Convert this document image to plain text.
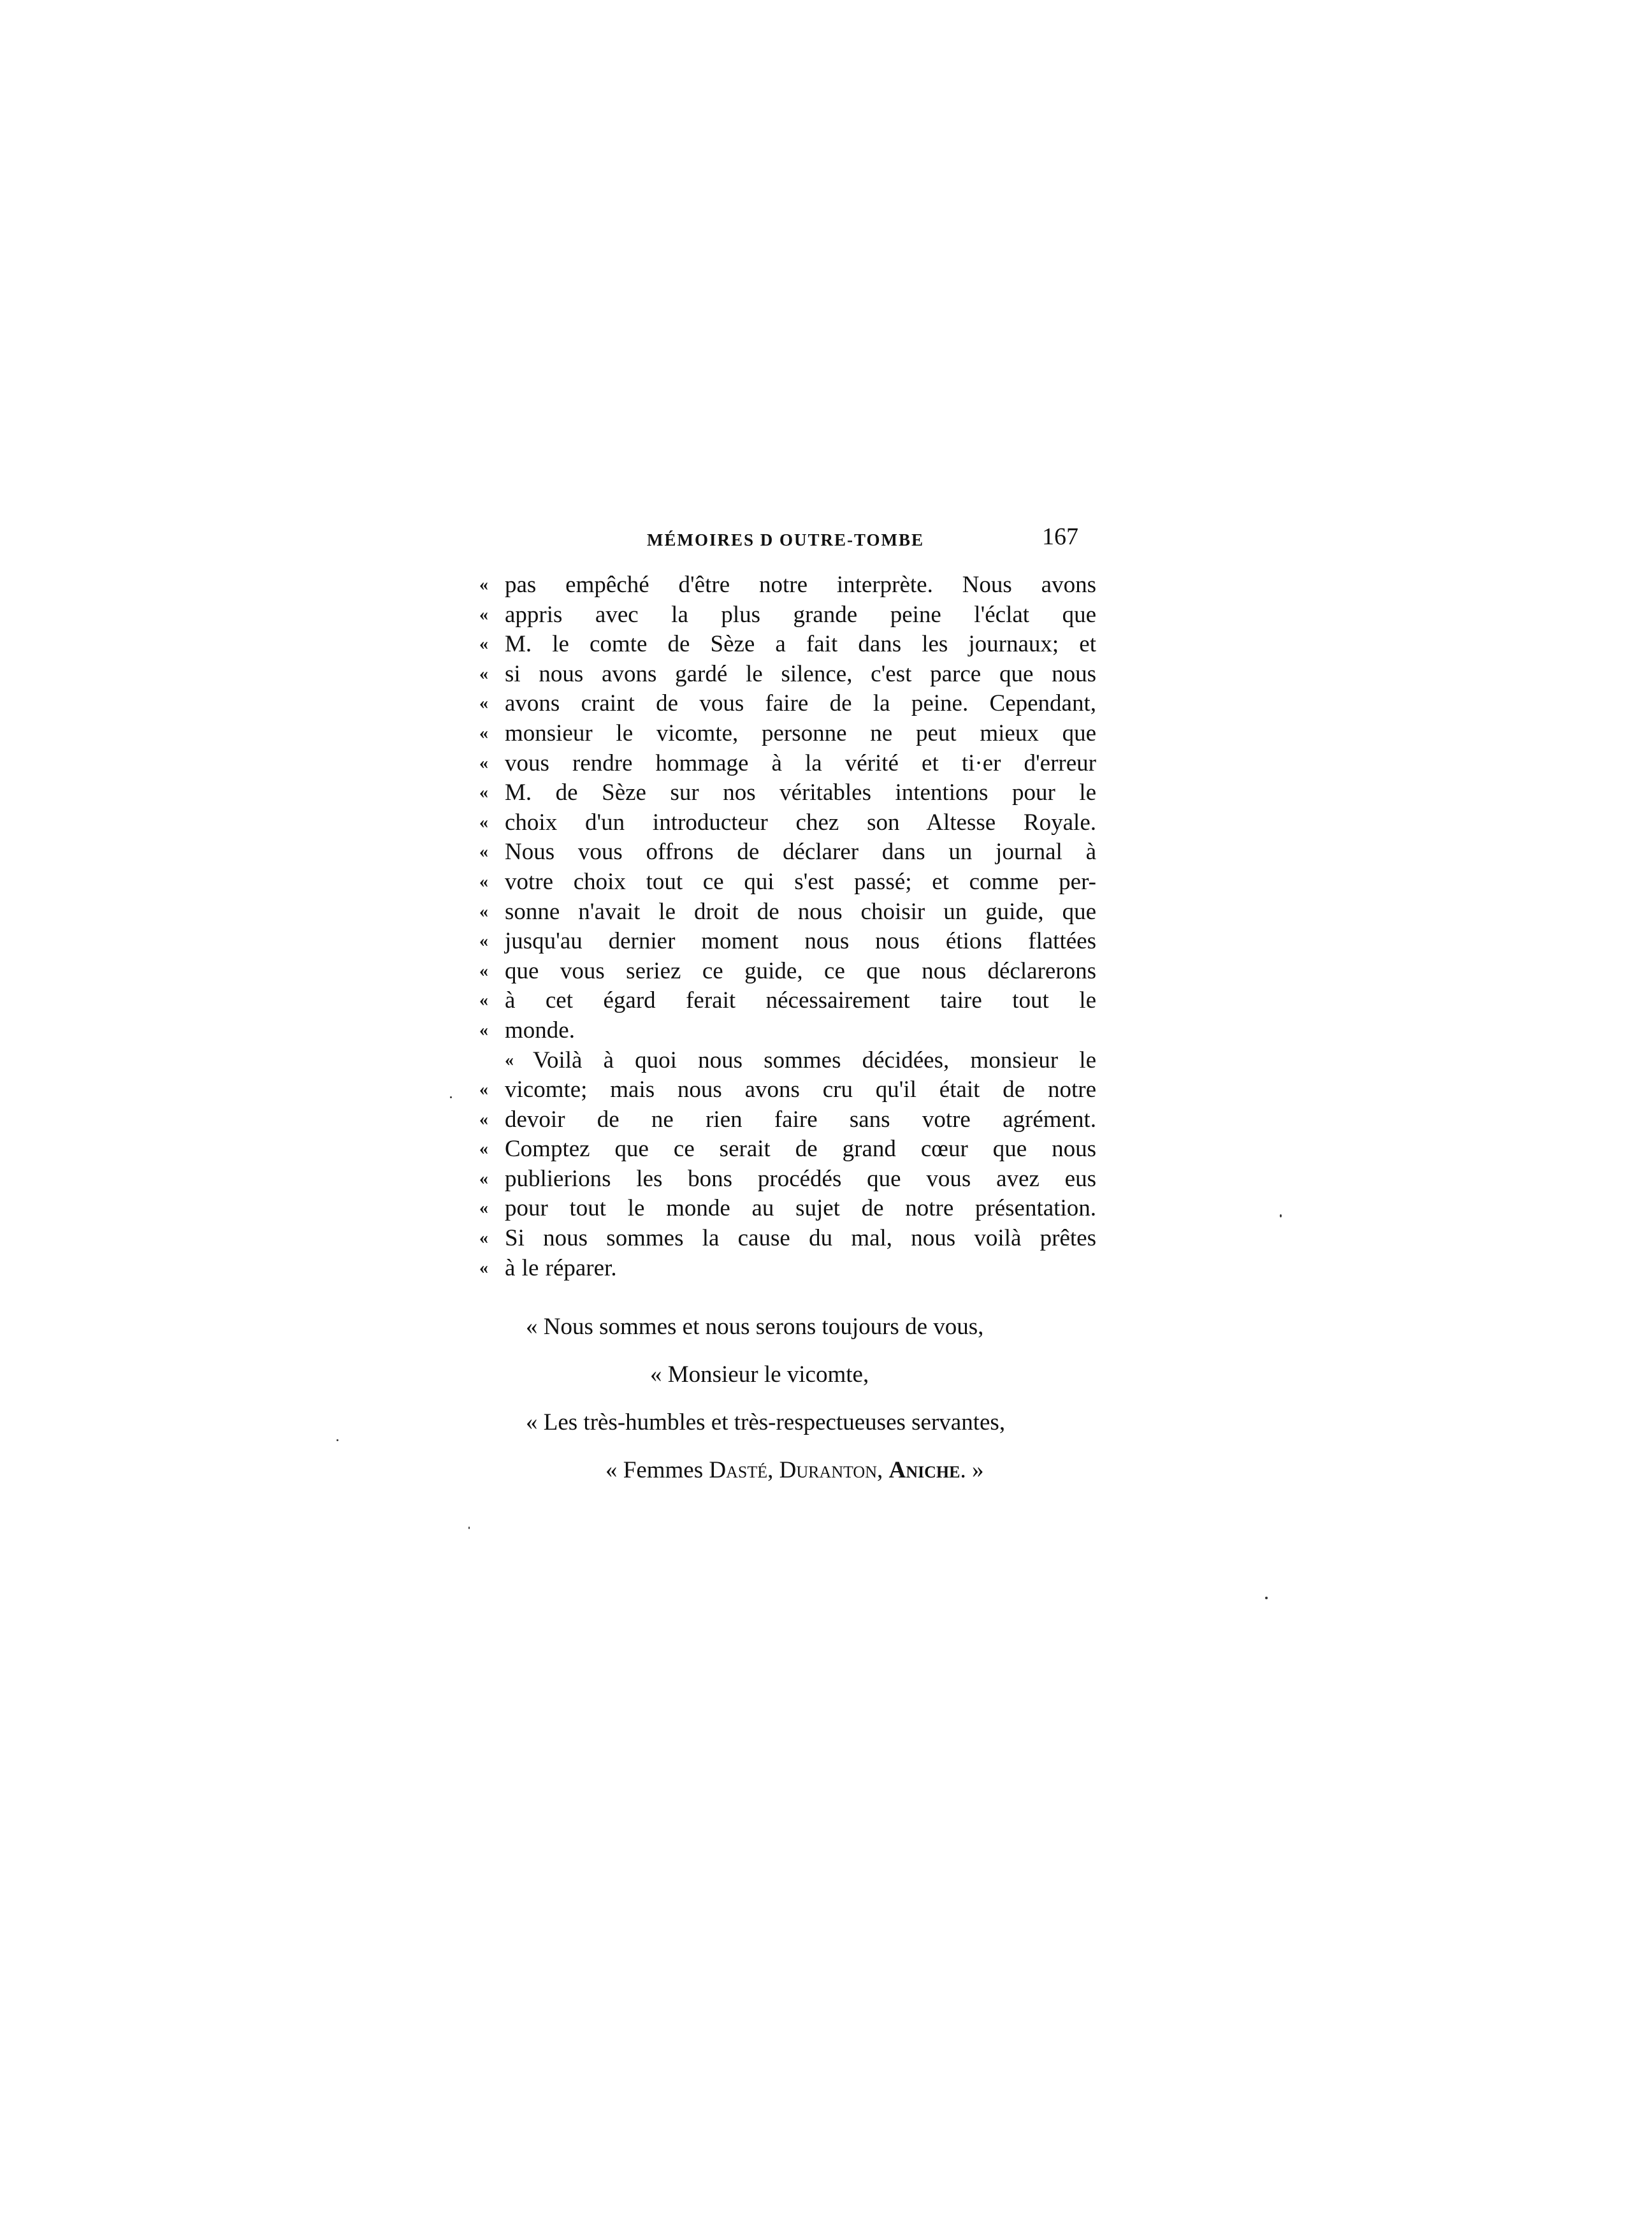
MÉMOIRES D OUTRE-TOMBE	167
« pas empêché d'être notre interprète. Nous avons
« appris avec la plus grande peine l'éclat que
« M. le comte de Sèze a fait dans les journaux; et
« si nous avons gardé le silence, c'est parce que nous
« avons craint de vous faire de la peine. Cependant,
« monsieur le vicomte, personne ne peut mieux que
« vous rendre hommage à la vérité et ti·er d'erreur
« M. de Sèze sur nos véritables intentions pour le
« choix d'un introducteur chez son Altesse Royale.
« Nous vous offrons de déclarer dans un journal à
« votre choix tout ce qui s'est passé; et comme per-
« sonne n'avait le droit de nous choisir un guide, que
« jusqu'au dernier moment nous nous étions flattées
« que vous seriez ce guide, ce que nous déclarerons
« à cet égard ferait nécessairement taire tout le
« monde.
« Voilà à quoi nous sommes décidées, monsieur le
« vicomte; mais nous avons cru qu'il était de notre
« devoir de ne rien faire sans votre agrément.
« Comptez que ce serait de grand cœur que nous
« publierions les bons procédés que vous avez eus
« pour tout le monde au sujet de notre présentation.
« Si nous sommes la cause du mal, nous voilà prêtes
« à le réparer.
« Nous sommes et nous serons toujours de vous,
« Monsieur le vicomte,
« Les très-humbles et très-respectueuses servantes,
« Femmes Dasté, Duranton, Aniche. »
